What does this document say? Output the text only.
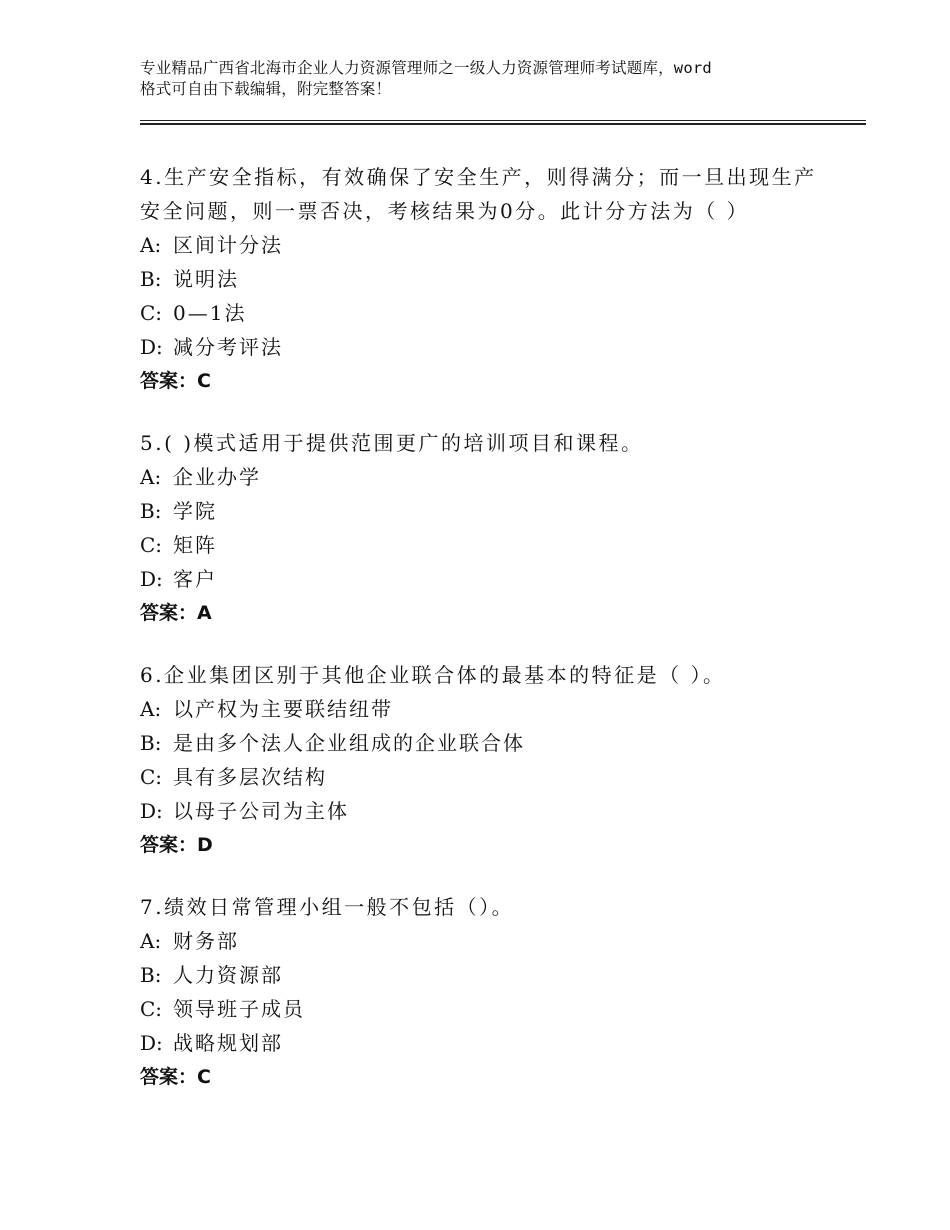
专业精品广西省北海市企业人力资源管理师之一级人力资源管理师考试题库，word
格式可自由下载编辑，附完整答案！
4.生产安全指标，有效确保了安全生产，则得满分；而一旦出现生产
安全问题，则一票否决，考核结果为0分。此计分方法为（ ）
A: 区间计分法
B: 说明法
C: 0—1法
D: 减分考评法
答案：C
5.( )模式适用于提供范围更广的培训项目和课程。
A: 企业办学
B: 学院
C: 矩阵
D: 客户
答案：A
6.企业集团区别于其他企业联合体的最基本的特征是（ ）。
A: 以产权为主要联结纽带
B: 是由多个法人企业组成的企业联合体
C: 具有多层次结构
D: 以母子公司为主体
答案：D
7.绩效日常管理小组一般不包括（）。
A: 财务部
B: 人力资源部
C: 领导班子成员
D: 战略规划部
答案：C
